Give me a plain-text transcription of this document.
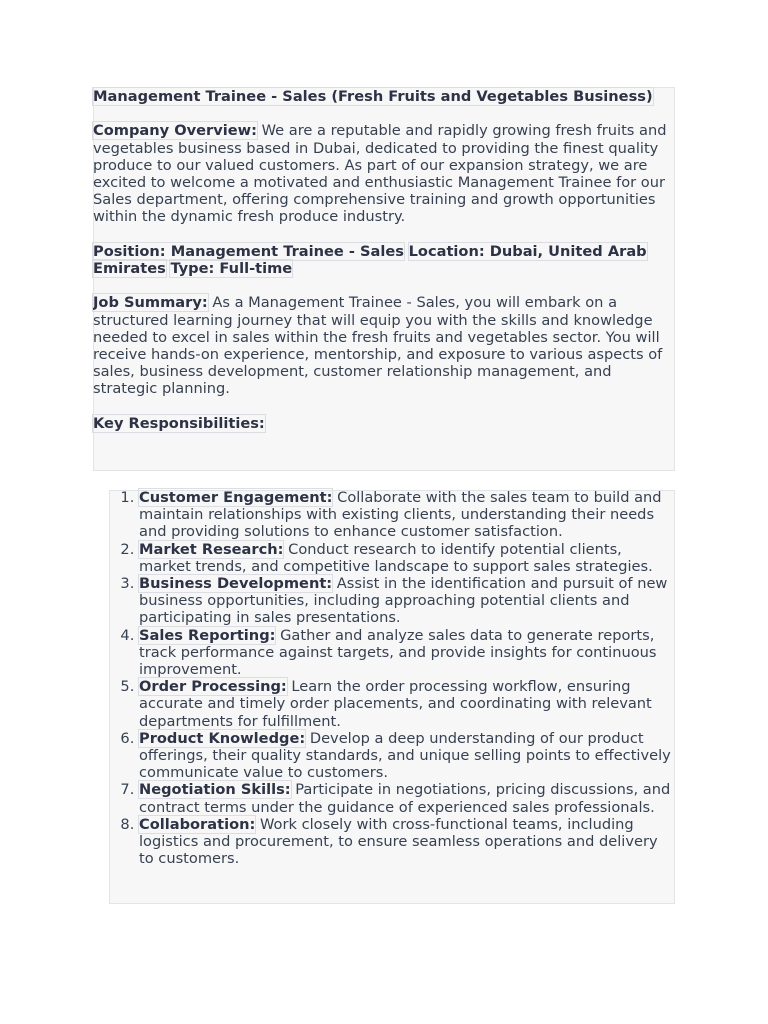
Management Trainee - Sales (Fresh Fruits and Vegetables Business)

Company Overview: We are a reputable and rapidly growing fresh fruits and vegetables business based in Dubai, dedicated to providing the finest quality produce to our valued customers. As part of our expansion strategy, we are excited to welcome a motivated and enthusiastic Management Trainee for our Sales department, offering comprehensive training and growth opportunities within the dynamic fresh produce industry.

Position: Management Trainee - Sales Location: Dubai, United Arab Emirates Type: Full-time

Job Summary: As a Management Trainee - Sales, you will embark on a structured learning journey that will equip you with the skills and knowledge needed to excel in sales within the fresh fruits and vegetables sector. You will receive hands-on experience, mentorship, and exposure to various aspects of sales, business development, customer relationship management, and strategic planning.

Key Responsibilities:

1. Customer Engagement: Collaborate with the sales team to build and maintain relationships with existing clients, understanding their needs and providing solutions to enhance customer satisfaction.
2. Market Research: Conduct research to identify potential clients, market trends, and competitive landscape to support sales strategies.
3. Business Development: Assist in the identification and pursuit of new business opportunities, including approaching potential clients and participating in sales presentations.
4. Sales Reporting: Gather and analyze sales data to generate reports, track performance against targets, and provide insights for continuous improvement.
5. Order Processing: Learn the order processing workflow, ensuring accurate and timely order placements, and coordinating with relevant departments for fulfillment.
6. Product Knowledge: Develop a deep understanding of our product offerings, their quality standards, and unique selling points to effectively communicate value to customers.
7. Negotiation Skills: Participate in negotiations, pricing discussions, and contract terms under the guidance of experienced sales professionals.
8. Collaboration: Work closely with cross-functional teams, including logistics and procurement, to ensure seamless operations and delivery to customers.
